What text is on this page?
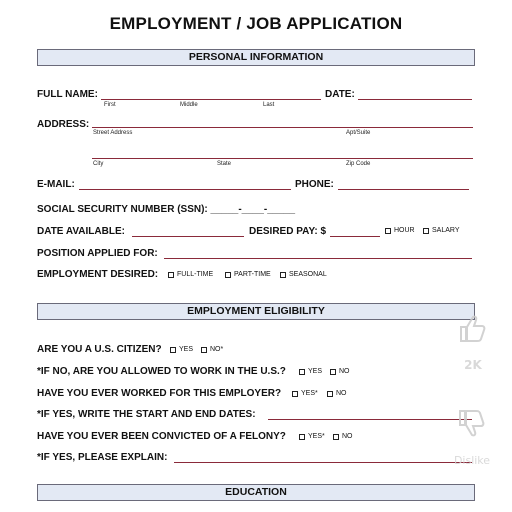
EMPLOYMENT / JOB APPLICATION
PERSONAL INFORMATION
FULL NAME:
First	Middle	Last
DATE:
ADDRESS:
Street Address	Apt/Suite
City	State	Zip Code
E-MAIL:	PHONE:
SOCIAL SECURITY NUMBER (SSN): _____-____-_____
DATE AVAILABLE:	DESIRED PAY: $	HOUR SALARY
POSITION APPLIED FOR:
EMPLOYMENT DESIRED:	FULL-TIME	PART-TIME	SEASONAL
EMPLOYMENT ELIGIBILITY
ARE YOU A U.S. CITIZEN? YES NO*
*IF NO, ARE YOU ALLOWED TO WORK IN THE U.S.?	YES NO
HAVE YOU EVER WORKED FOR THIS EMPLOYER?	YES*	NO
*IF YES, WRITE THE START AND END DATES:
HAVE YOU EVER BEEN CONVICTED OF A FELONY?	YES* NO
*IF YES, PLEASE EXPLAIN:
EDUCATION
2K
Dislike
